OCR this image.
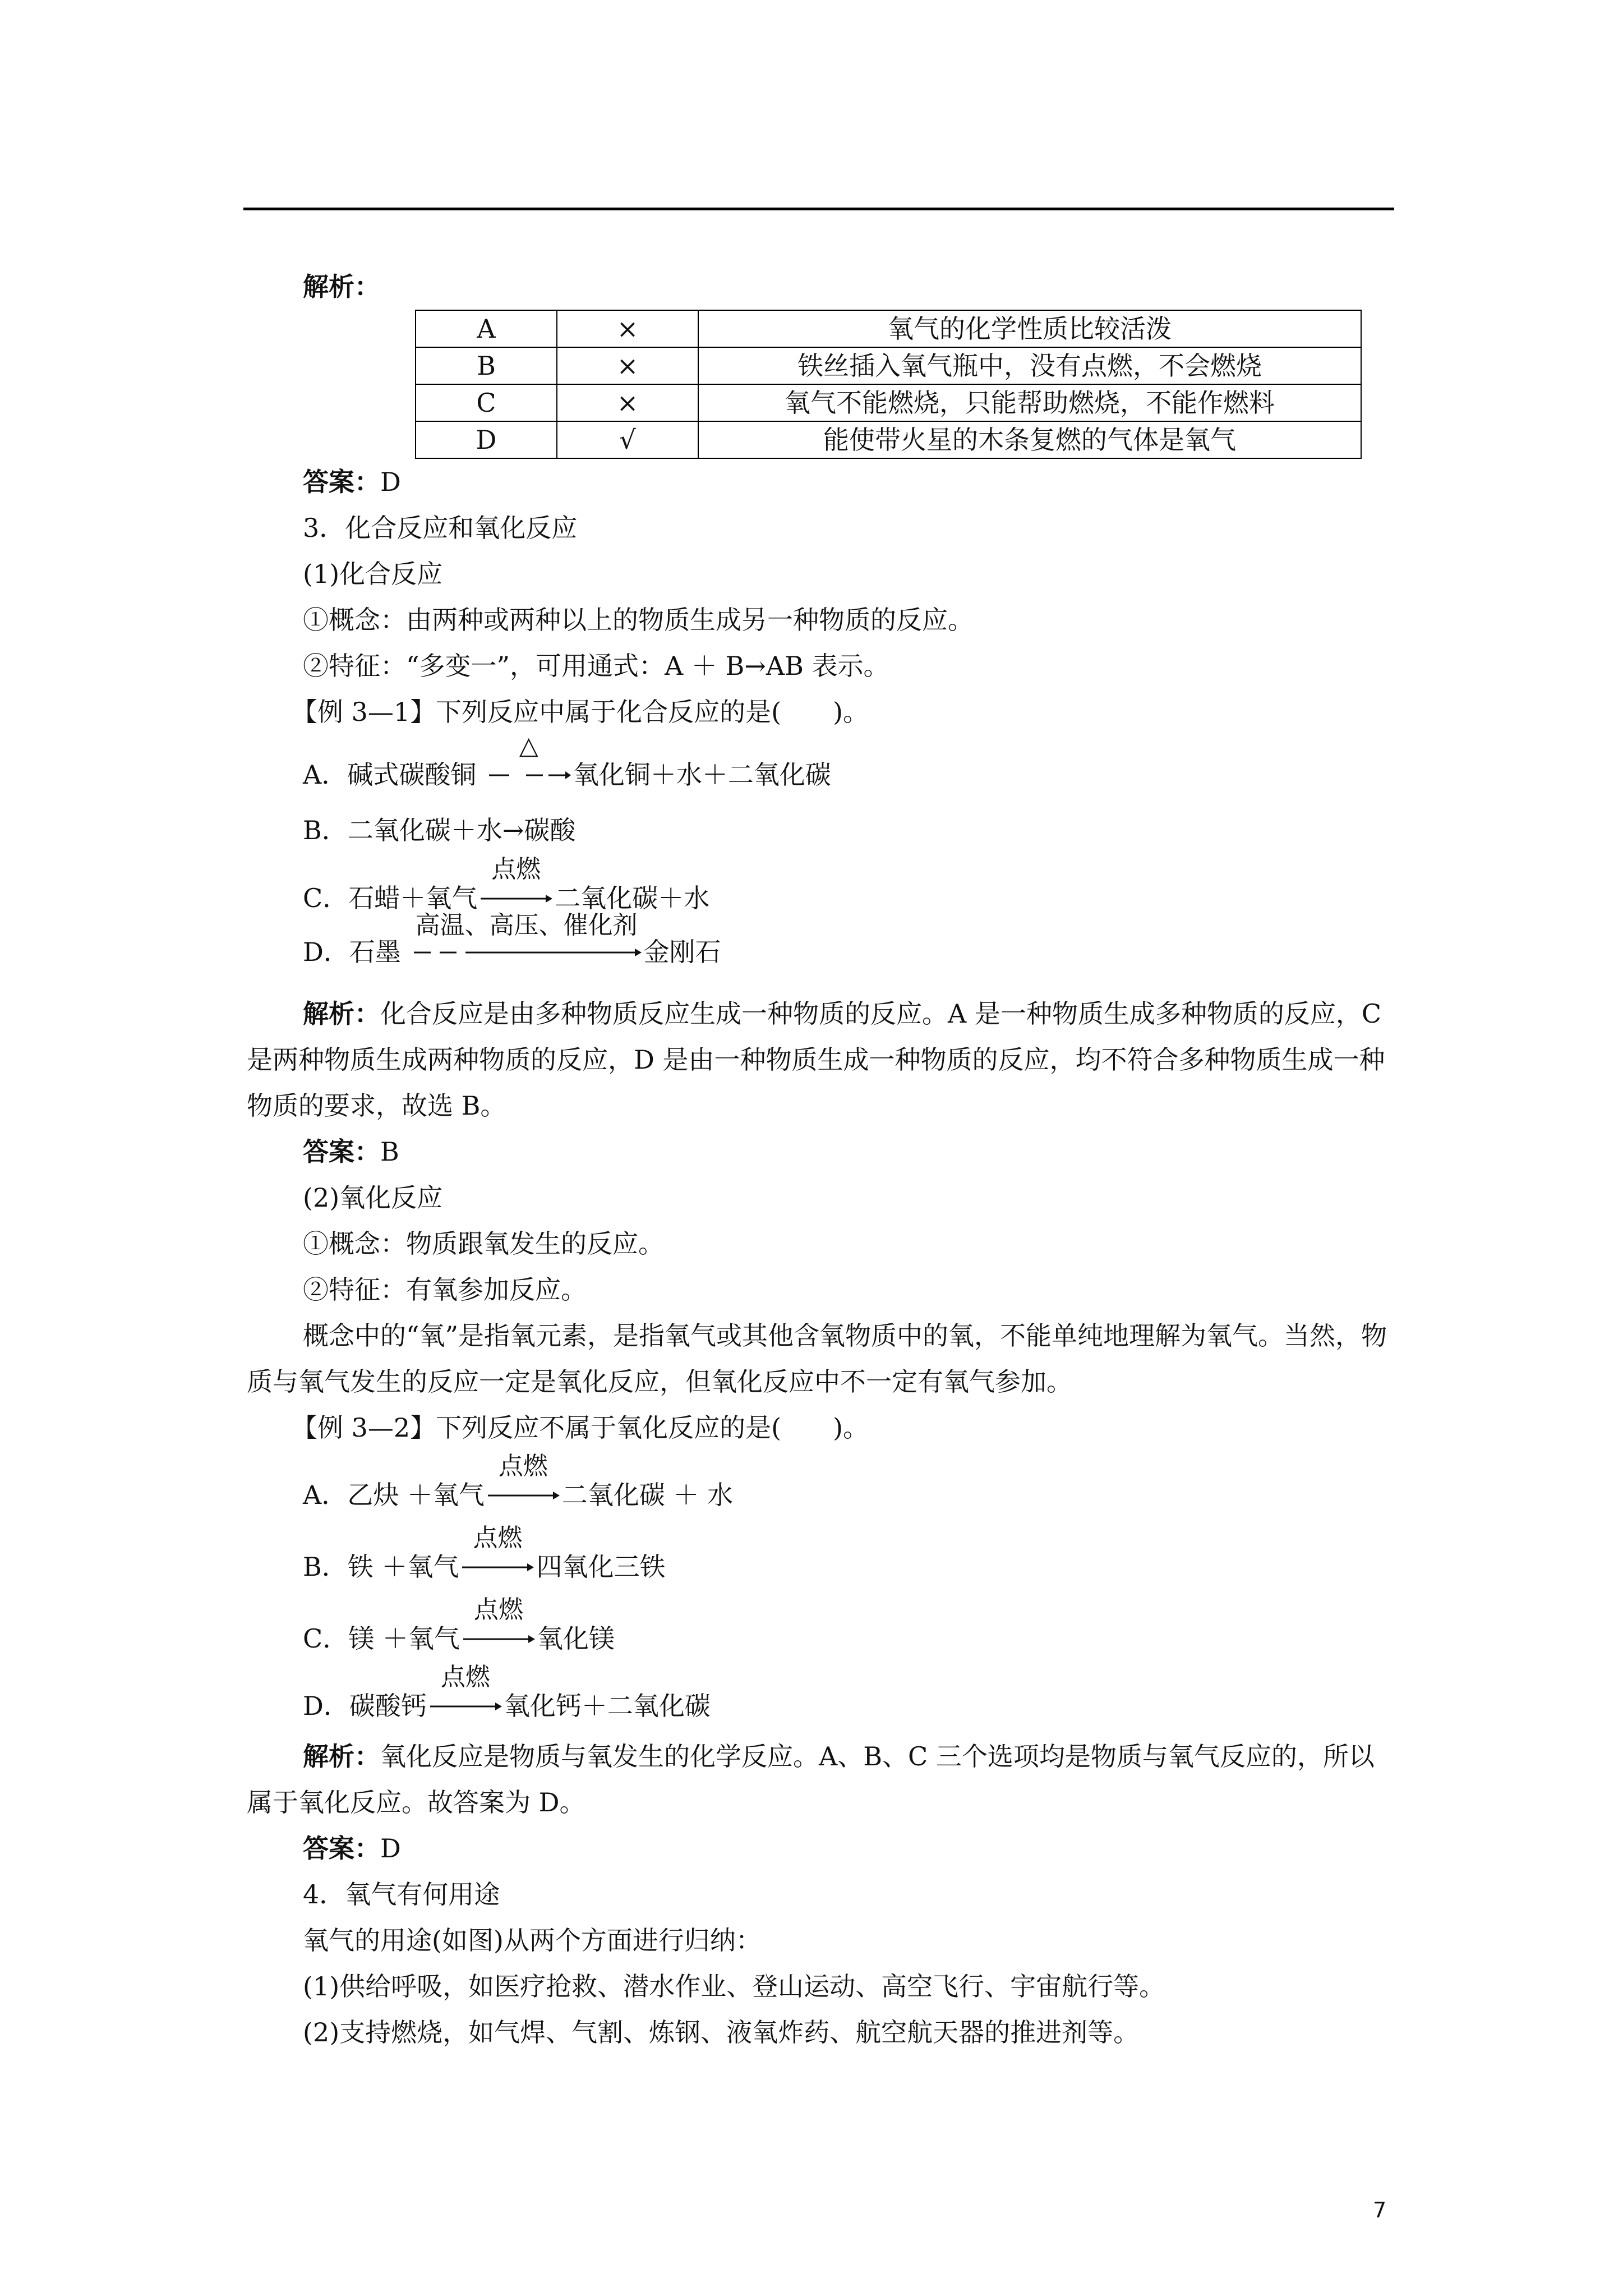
解析：
A	×	氧气的化学性质比较活泼
B	×	铁丝插入氧气瓶中，没有点燃，不会燃烧
C	×	氧气不能燃烧，只能帮助燃烧，不能作燃料
D	√	能使带火星的木条复燃的气体是氧气
答案：D
3．化合反应和氧化反应
(1)化合反应
①概念：由两种或两种以上的物质生成另一种物质的反应。
②特征：“多变一”，可用通式：A ＋ B→AB 表示。
【例 3—1】下列反应中属于化合反应的是(　　)。
A．碱式碳酸铜
△
氧化铜＋水＋二氧化碳
B．二氧化碳＋水→碳酸
C．石蜡＋氧气
点燃
二氧化碳＋水
D．石墨
高温、高压、催化剂
金刚石
解析：化合反应是由多种物质反应生成一种物质的反应。A 是一种物质生成多种物质的反应，C 是两种物质生成两种物质的反应，D 是由一种物质生成一种物质的反应，均不符合多种物质生成一种物质的要求，故选 B。
答案：B
(2)氧化反应
①概念：物质跟氧发生的反应。
②特征：有氧参加反应。
概念中的“氧”是指氧元素，是指氧气或其他含氧物质中的氧，不能单纯地理解为氧气。当然，物质与氧气发生的反应一定是氧化反应，但氧化反应中不一定有氧气参加。
【例 3—2】下列反应不属于氧化反应的是(　　)。
A．乙炔 ＋氧气
点燃
二氧化碳 ＋ 水
B．铁 ＋氧气
点燃
四氧化三铁
C．镁 ＋氧气
点燃
氧化镁
D．碳酸钙
点燃
氧化钙＋二氧化碳
解析：氧化反应是物质与氧发生的化学反应。A、B、C 三个选项均是物质与氧气反应的，所以属于氧化反应。故答案为 D。
答案：D
4．氧气有何用途
氧气的用途(如图)从两个方面进行归纳：
(1)供给呼吸，如医疗抢救、潜水作业、登山运动、高空飞行、宇宙航行等。
(2)支持燃烧，如气焊、气割、炼钢、液氧炸药、航空航天器的推进剂等。
7
